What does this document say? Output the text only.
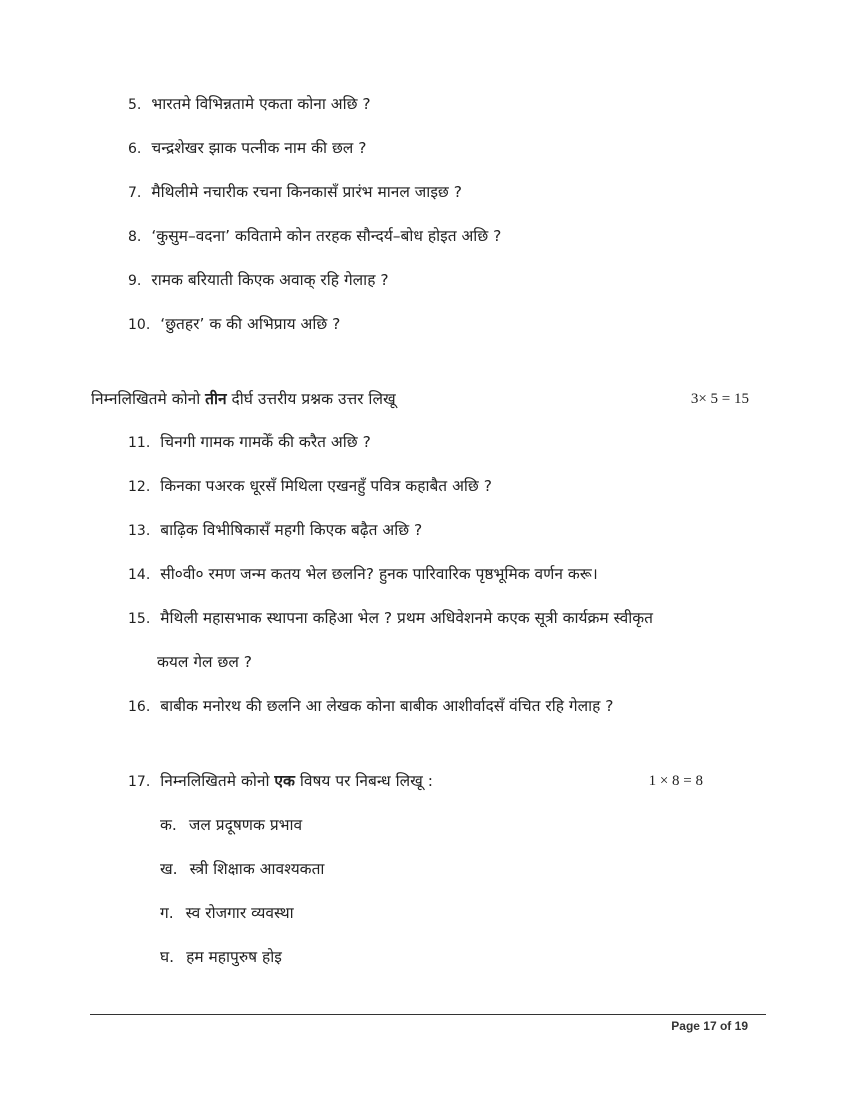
5. भारतमे विभिन्नतामे एकता कोना अछि ?
6. चन्द्रशेखर झाक पत्नीक नाम की छल ?
7. मैथिलीमे नचारीक रचना किनकासँ प्रारंभ मानल जाइछ ?
8. ‘कुसुम–वदना’ कवितामे कोन तरहक सौन्दर्य–बोध होइत अछि ?
9. रामक बरियाती किएक अवाक् रहि गेलाह ?
10. ‘छुतहर’ क की अभिप्राय अछि ?
निम्नलिखितमे कोनो तीन दीर्घ उत्तरीय प्रश्नक उत्तर लिखू	3× 5 = 15
11. चिनगी गामक गामकेँ की करैत अछि ?
12. किनका पअरक धूरसँ मिथिला एखनहुँ पवित्र कहाबैत अछि ?
13. बाढ़िक विभीषिकासँ महगी किएक बढ़ैत अछि ?
14. सी०वी० रमण जन्म कतय भेल छलनि? हुनक पारिवारिक पृष्ठभूमिक वर्णन करू।
15. मैथिली महासभाक स्थापना कहिआ भेल ? प्रथम अधिवेशनमे कएक सूत्री कार्यक्रम स्वीकृत
कयल गेल छल ?
16. बाबीक मनोरथ की छलनि आ लेखक कोना बाबीक आशीर्वादसँ वंचित रहि गेलाह ?
17. निम्नलिखितमे कोनो एक विषय पर निबन्ध लिखू :	1 × 8 = 8
क. जल प्रदूषणक प्रभाव
ख. स्त्री शिक्षाक आवश्यकता
ग. स्व रोजगार व्यवस्था
घ. हम महापुरुष होइ
Page 17 of 19
